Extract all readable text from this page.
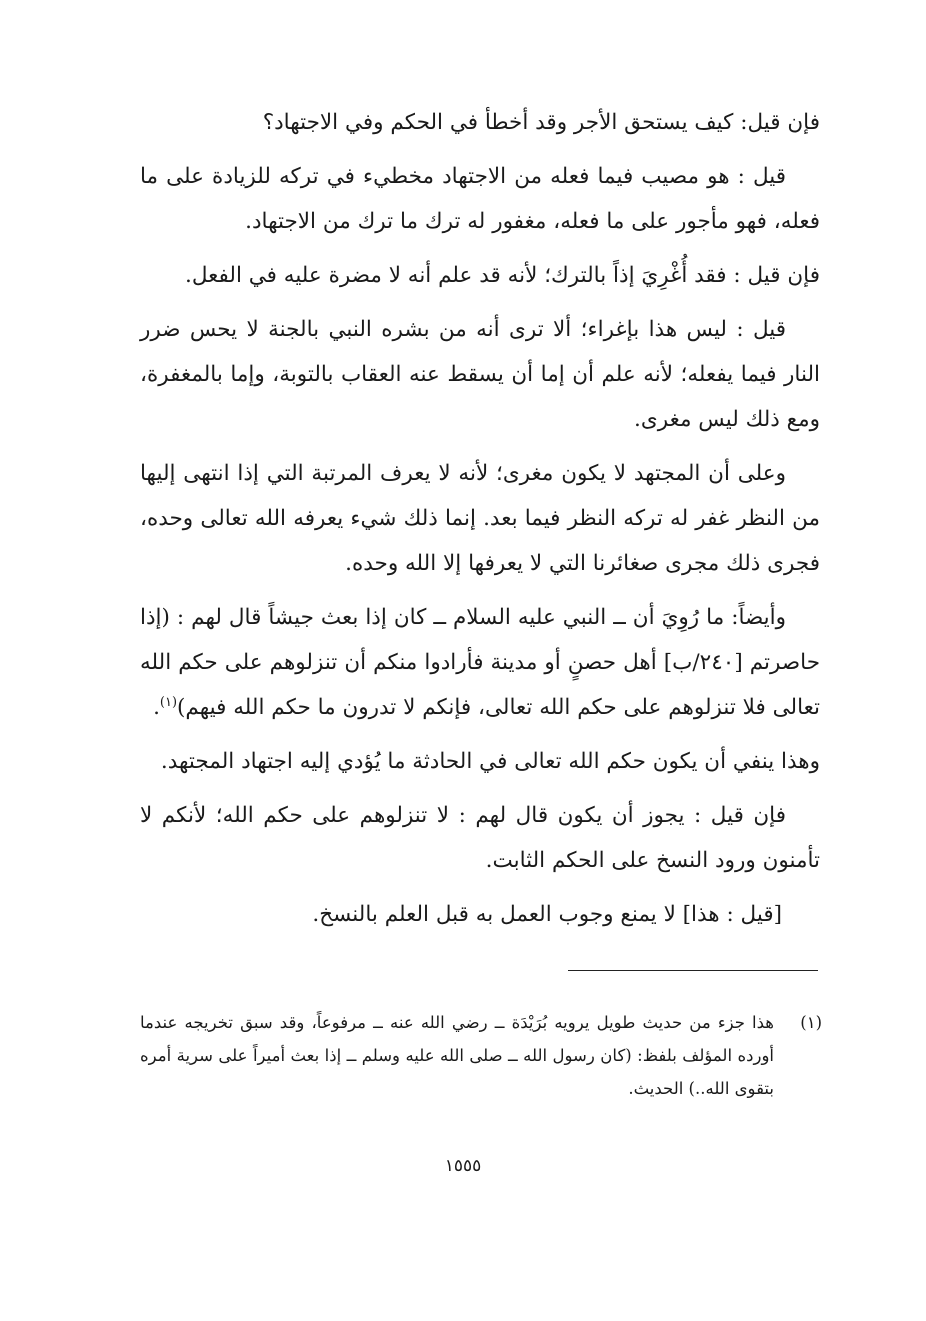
فإن قيل: كيف يستحق الأجر وقد أخطأ في الحكم وفي الاجتهاد؟

قيل : هو مصيب فيما فعله من الاجتهاد مخطيء في تركه للزيادة على ما فعله، فهو مأجور على ما فعله، مغفور له ترك ما ترك من الاجتهاد.

فإن قيل : فقد أُغْرِيَ إذاً بالترك؛ لأنه قد علم أنه لا مضرة عليه في الفعل.

قيل : ليس هذا بإغراء؛ ألا ترى أنه من بشره النبي بالجنة لا يحس ضرر النار فيما يفعله؛ لأنه علم أن إما أن يسقط عنه العقاب بالتوبة، وإما بالمغفرة، ومع ذلك ليس مغرى.

وعلى أن المجتهد لا يكون مغرى؛ لأنه لا يعرف المرتبة التي إذا انتهى إليها من النظر غفر له تركه النظر فيما بعد. إنما ذلك شيء يعرفه الله تعالى وحده، فجرى ذلك مجرى صغائرنا التي لا يعرفها إلا الله وحده.

وأيضاً: ما رُوِيَ أن ــ النبي عليه السلام ــ كان إذا بعث جيشاً قال لهم : (إذا حاصرتم [٢٤٠/ب] أهل حصنٍ أو مدينة فأرادوا منكم أن تنزلوهم على حكم الله تعالى فلا تنزلوهم على حكم الله تعالى، فإنكم لا تدرون ما حكم الله فيهم)$^{(١)}$.

وهذا ينفي أن يكون حكم الله تعالى في الحادثة ما يُؤدي إليه اجتهاد المجتهد.

فإن قيل : يجوز أن يكون قال لهم : لا تنزلوهم على حكم الله؛ لأنكم لا تأمنون ورود النسخ على الحكم الثابت.

[قيل : هذا] لا يمنع وجوب العمل به قبل العلم بالنسخ.

(١)
هذا جزء من حديث طويل يرويه بُرَيْدَة ــ رضي الله عنه ــ مرفوعاً، وقد سبق تخريجه عندما أورده المؤلف بلفظ: (كان رسول الله ــ صلى الله عليه وسلم ــ إذا بعث أميراً على سرية أمره بتقوى الله..) الحديث.
١٥٥٥
